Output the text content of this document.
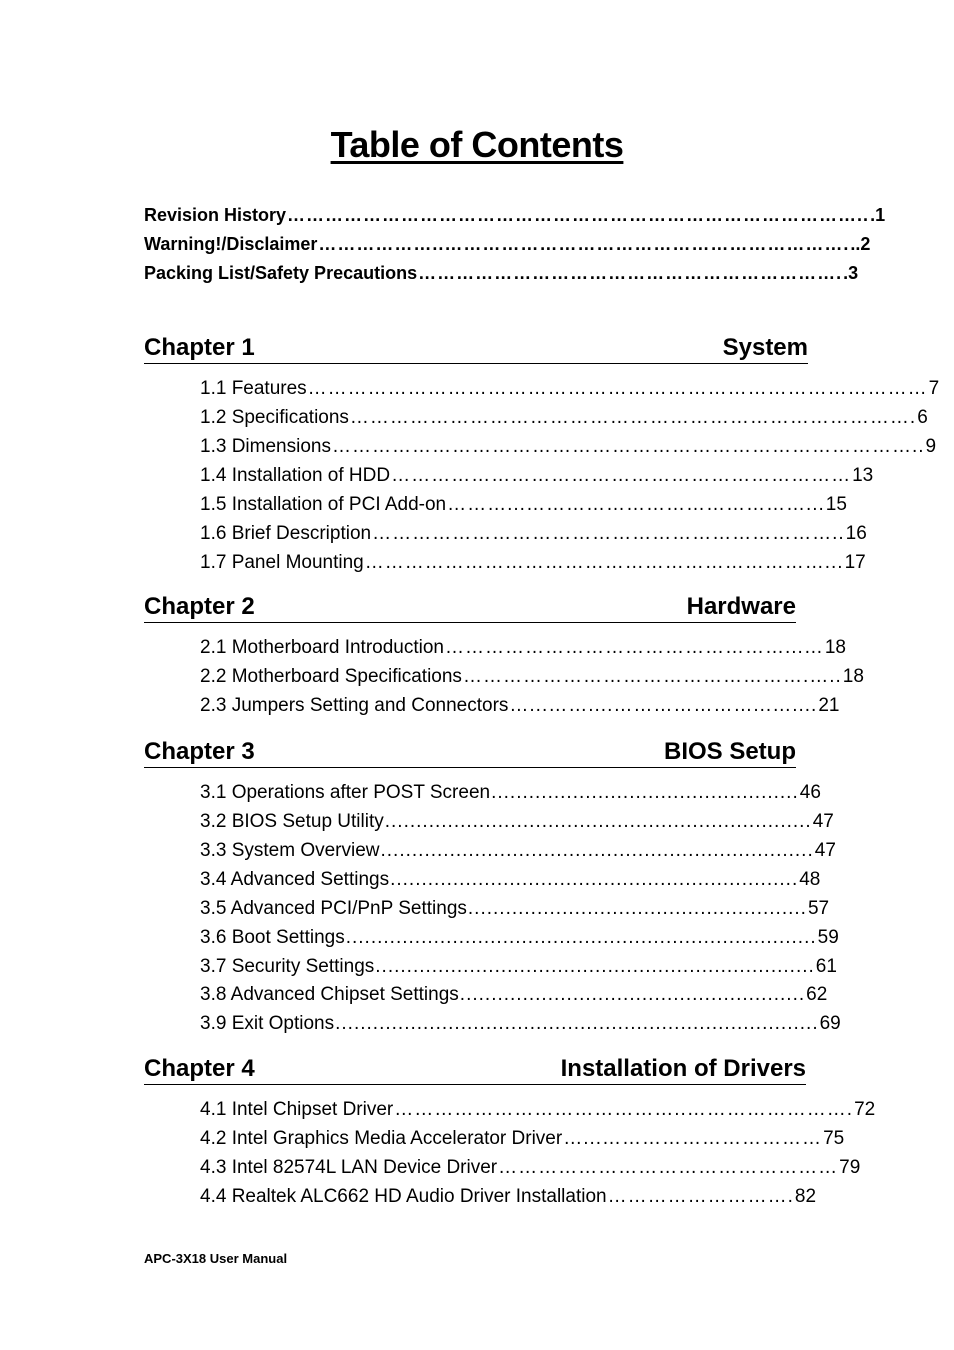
Table of Contents
Revision History ……………………………………………………………………………….. .1
Warning!/Disclaimer ………………..………………………………………………………. ..2
Packing List/Safety Precautions …………………………………………………………. .3
Chapter 1	System
1.1 Features ………………………………………………………………………………… 7
1.2 Specifications …………………………………………………………………………. 6
1.3 Dimensions …………………………………………………………………………….. 9
1.4 Installation of HDD …………………………………………………………… 13
1.5 Installation of PCI Add-on ………...……………………………………... 15
1.6 Brief Description …………………………………………………………….. 16
1.7 Panel Mounting ……………………………………………………………... 17
Chapter 2	Hardware
2.1 Motherboard Introduction ……………………………………………...… 18
2.2 Motherboard Specifications …………………………………………….….. 18
2.3 Jumpers Setting and Connectors …...……....…………………...….... 21
Chapter 3	BIOS Setup
3.1 Operations after POST Screen ................................................. 46
3.2 BIOS Setup Utility .................................................................... 47
3.3 System Overview ..................................................................... 47
3.4 Advanced Settings ................................................................. 48
3.5 Advanced PCI/PnP Settings ...................................................... 57
3.6 Boot Settings ........................................................................... 59
3.7 Security Settings ...................................................................... 61
3.8 Advanced Chipset Settings ....................................................... 62
3.9 Exit Options ............................................................................. 69
Chapter 4	Installation of Drivers
4.1 Intel Chipset Driver ……………………………………..……………………. 72
4.2 Intel Graphics Media Accelerator Driver …...…………………………… 75
4.3 Intel 82574L LAN Device Driver …………………………………………… 79
4.4 Realtek ALC662 HD Audio Driver Installation ………………………. 82
APC-3X18 User Manual
